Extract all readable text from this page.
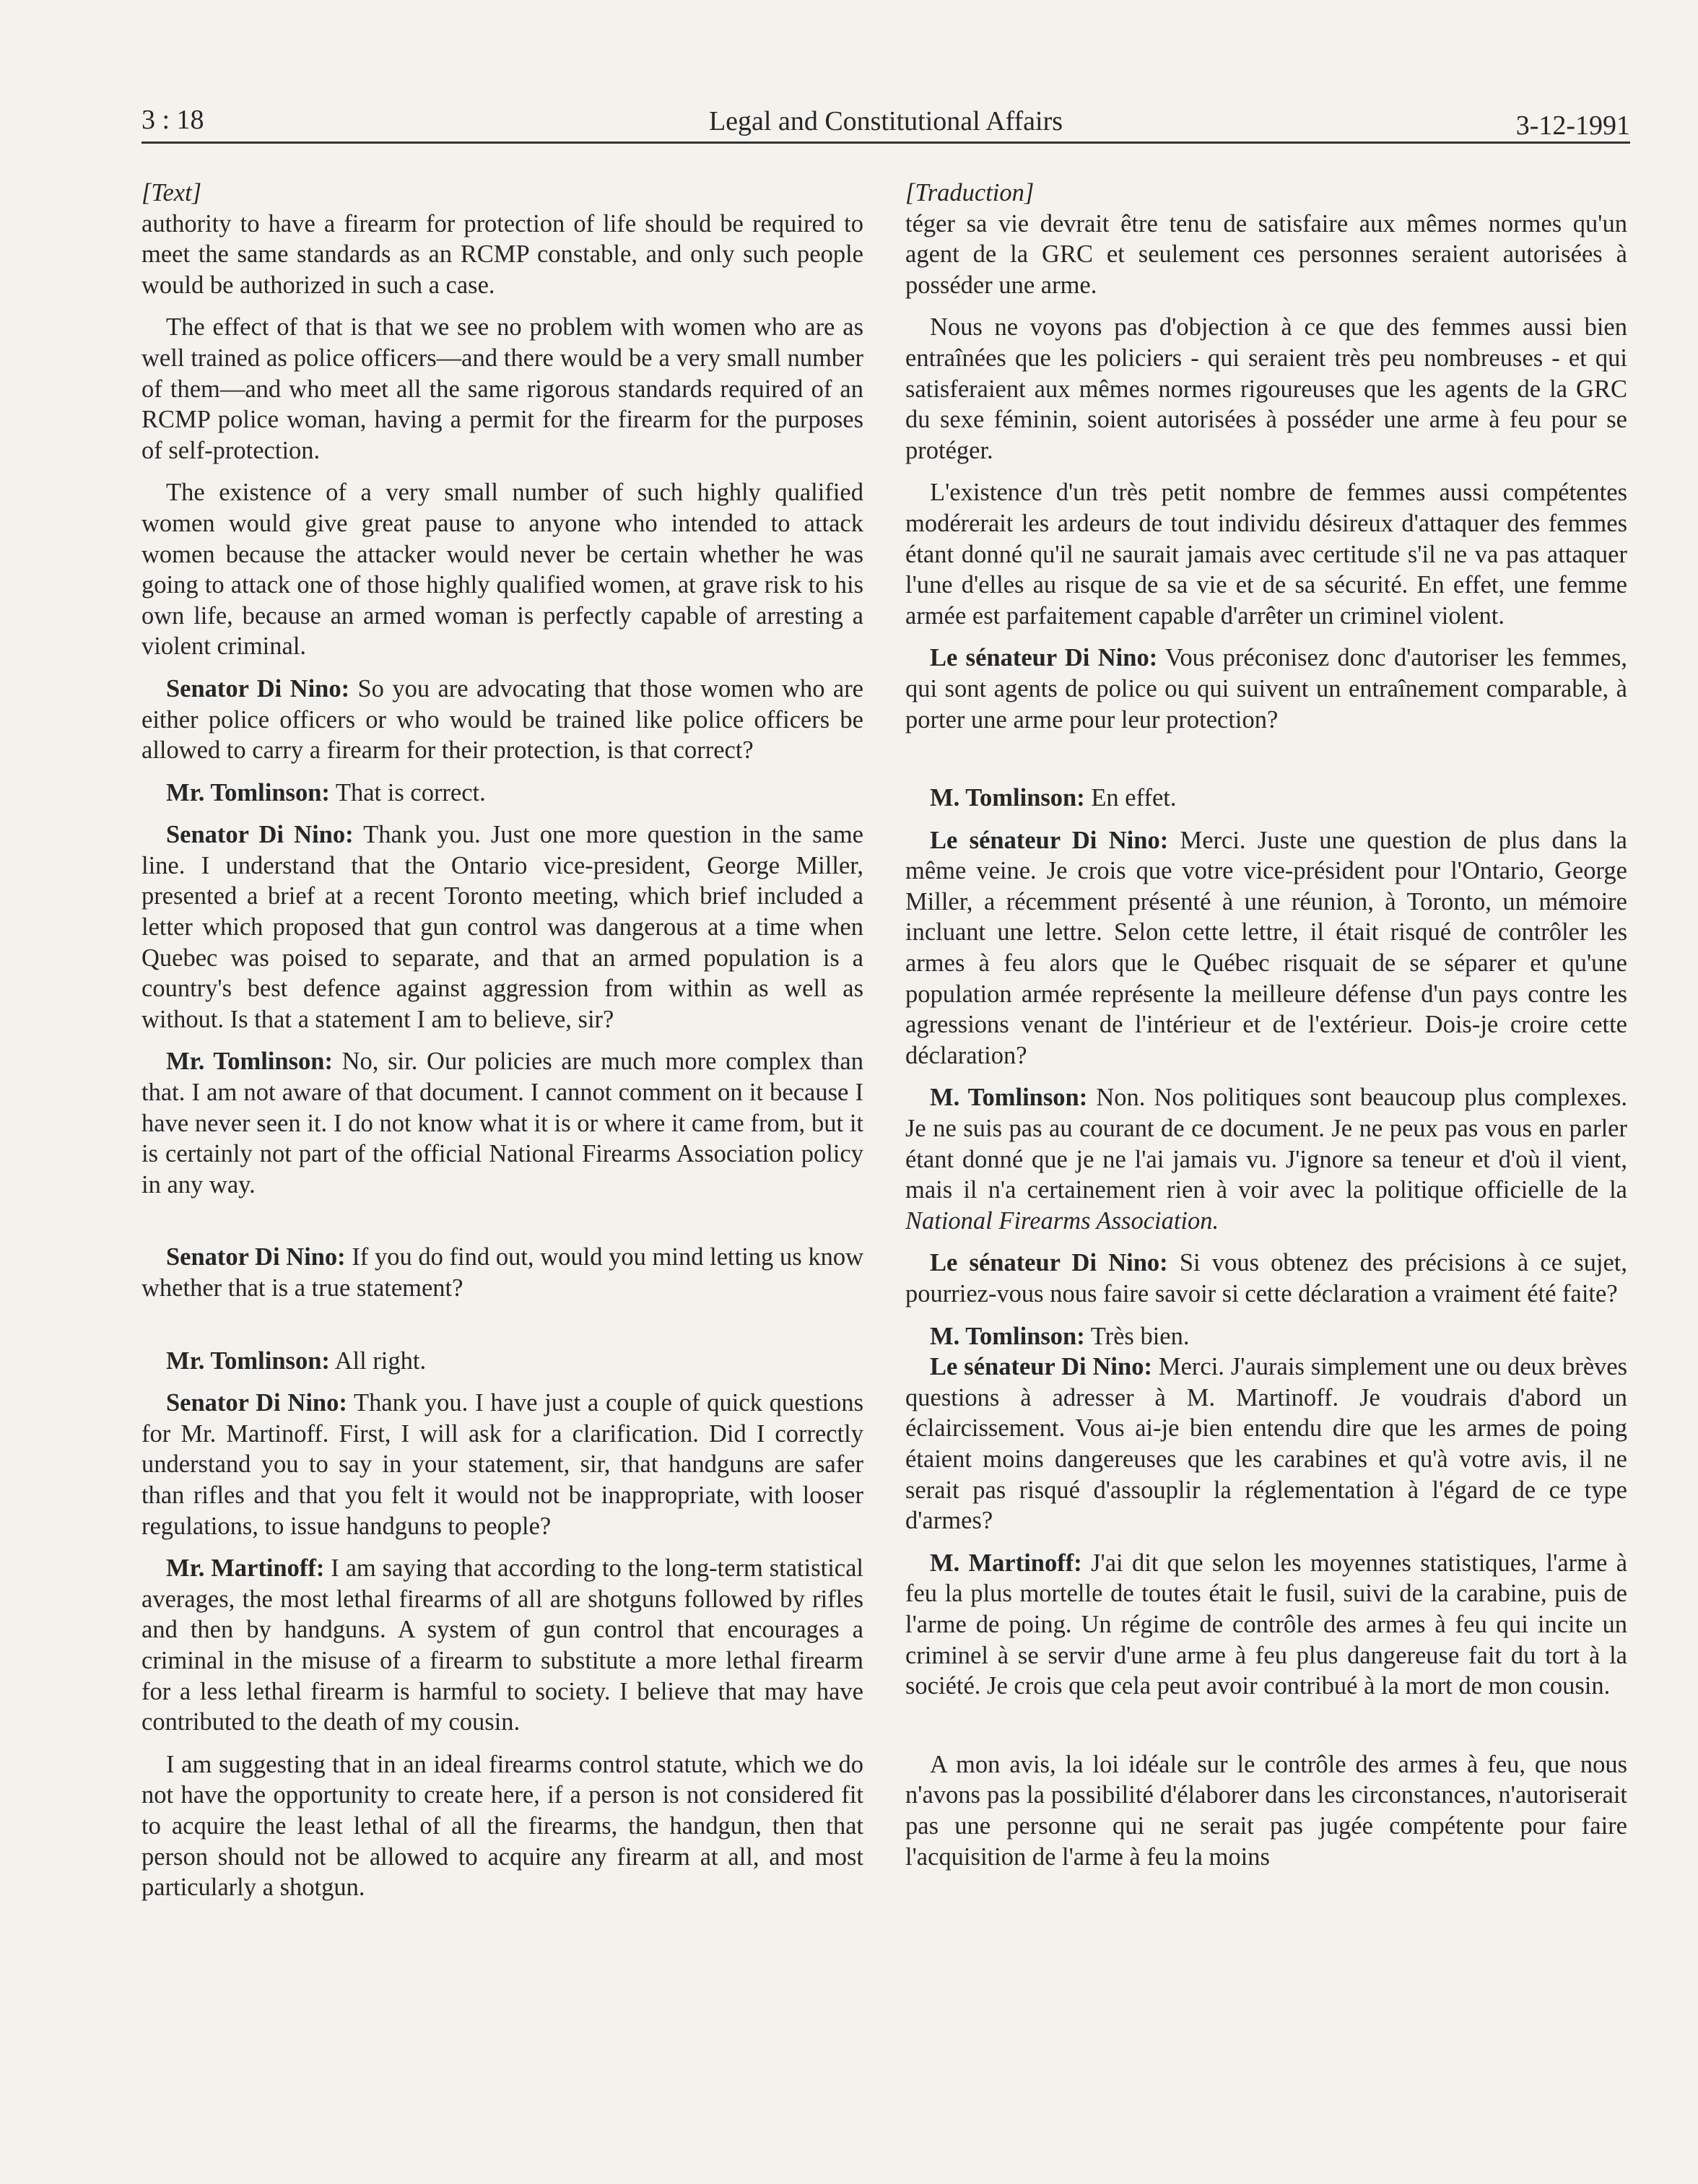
3 : 18	Legal and Constitutional Affairs	3-12-1991

[Text]

authority to have a firearm for protection of life should be required to meet the same standards as an RCMP constable, and only such people would be authorized in such a case.

The effect of that is that we see no problem with women who are as well trained as police officers—and there would be a very small number of them—and who meet all the same rigorous standards required of an RCMP police woman, having a permit for the firearm for the purposes of self-protection.

The existence of a very small number of such highly qualified women would give great pause to anyone who intended to attack women because the attacker would never be certain whether he was going to attack one of those highly qualified women, at grave risk to his own life, because an armed woman is perfectly capable of arresting a violent criminal.

Senator Di Nino: So you are advocating that those women who are either police officers or who would be trained like police officers be allowed to carry a firearm for their protection, is that correct?

Mr. Tomlinson: That is correct.

Senator Di Nino: Thank you. Just one more question in the same line. I understand that the Ontario vice-president, George Miller, presented a brief at a recent Toronto meeting, which brief included a letter which proposed that gun control was dangerous at a time when Quebec was poised to separate, and that an armed population is a country's best defence against aggression from within as well as without. Is that a statement I am to believe, sir?

Mr. Tomlinson: No, sir. Our policies are much more complex than that. I am not aware of that document. I cannot comment on it because I have never seen it. I do not know what it is or where it came from, but it is certainly not part of the official National Firearms Association policy in any way.

Senator Di Nino: If you do find out, would you mind letting us know whether that is a true statement?

Mr. Tomlinson: All right.

Senator Di Nino: Thank you. I have just a couple of quick questions for Mr. Martinoff. First, I will ask for a clarification. Did I correctly understand you to say in your statement, sir, that handguns are safer than rifles and that you felt it would not be inappropriate, with looser regulations, to issue handguns to people?

Mr. Martinoff: I am saying that according to the long-term statistical averages, the most lethal firearms of all are shotguns followed by rifles and then by handguns. A system of gun control that encourages a criminal in the misuse of a firearm to substitute a more lethal firearm for a less lethal firearm is harmful to society. I believe that may have contributed to the death of my cousin.

I am suggesting that in an ideal firearms control statute, which we do not have the opportunity to create here, if a person is not considered fit to acquire the least lethal of all the firearms, the handgun, then that person should not be allowed to acquire any firearm at all, and most particularly a shotgun.

[Traduction]

téger sa vie devrait être tenu de satisfaire aux mêmes normes qu'un agent de la GRC et seulement ces personnes seraient autorisées à posséder une arme.

Nous ne voyons pas d'objection à ce que des femmes aussi bien entraînées que les policiers - qui seraient très peu nombreuses - et qui satisferaient aux mêmes normes rigoureuses que les agents de la GRC du sexe féminin, soient autorisées à posséder une arme à feu pour se protéger.

L'existence d'un très petit nombre de femmes aussi compétentes modérerait les ardeurs de tout individu désireux d'attaquer des femmes étant donné qu'il ne saurait jamais avec certitude s'il ne va pas attaquer l'une d'elles au risque de sa vie et de sa sécurité. En effet, une femme armée est parfaitement capable d'arrêter un criminel violent.

Le sénateur Di Nino: Vous préconisez donc d'autoriser les femmes, qui sont agents de police ou qui suivent un entraînement comparable, à porter une arme pour leur protection?

M. Tomlinson: En effet.

Le sénateur Di Nino: Merci. Juste une question de plus dans la même veine. Je crois que votre vice-président pour l'Ontario, George Miller, a récemment présenté à une réunion, à Toronto, un mémoire incluant une lettre. Selon cette lettre, il était risqué de contrôler les armes à feu alors que le Québec risquait de se séparer et qu'une population armée représente la meilleure défense d'un pays contre les agressions venant de l'intérieur et de l'extérieur. Dois-je croire cette déclaration?

M. Tomlinson: Non. Nos politiques sont beaucoup plus complexes. Je ne suis pas au courant de ce document. Je ne peux pas vous en parler étant donné que je ne l'ai jamais vu. J'ignore sa teneur et d'où il vient, mais il n'a certainement rien à voir avec la politique officielle de la National Firearms Association.

Le sénateur Di Nino: Si vous obtenez des précisions à ce sujet, pourriez-vous nous faire savoir si cette déclaration a vraiment été faite?

M. Tomlinson: Très bien.

Le sénateur Di Nino: Merci. J'aurais simplement une ou deux brèves questions à adresser à M. Martinoff. Je voudrais d'abord un éclaircissement. Vous ai-je bien entendu dire que les armes de poing étaient moins dangereuses que les carabines et qu'à votre avis, il ne serait pas risqué d'assouplir la réglementation à l'égard de ce type d'armes?

M. Martinoff: J'ai dit que selon les moyennes statistiques, l'arme à feu la plus mortelle de toutes était le fusil, suivi de la carabine, puis de l'arme de poing. Un régime de contrôle des armes à feu qui incite un criminel à se servir d'une arme à feu plus dangereuse fait du tort à la société. Je crois que cela peut avoir contribué à la mort de mon cousin.

A mon avis, la loi idéale sur le contrôle des armes à feu, que nous n'avons pas la possibilité d'élaborer dans les circonstances, n'autoriserait pas une personne qui ne serait pas jugée compétente pour faire l'acquisition de l'arme à feu la moins
